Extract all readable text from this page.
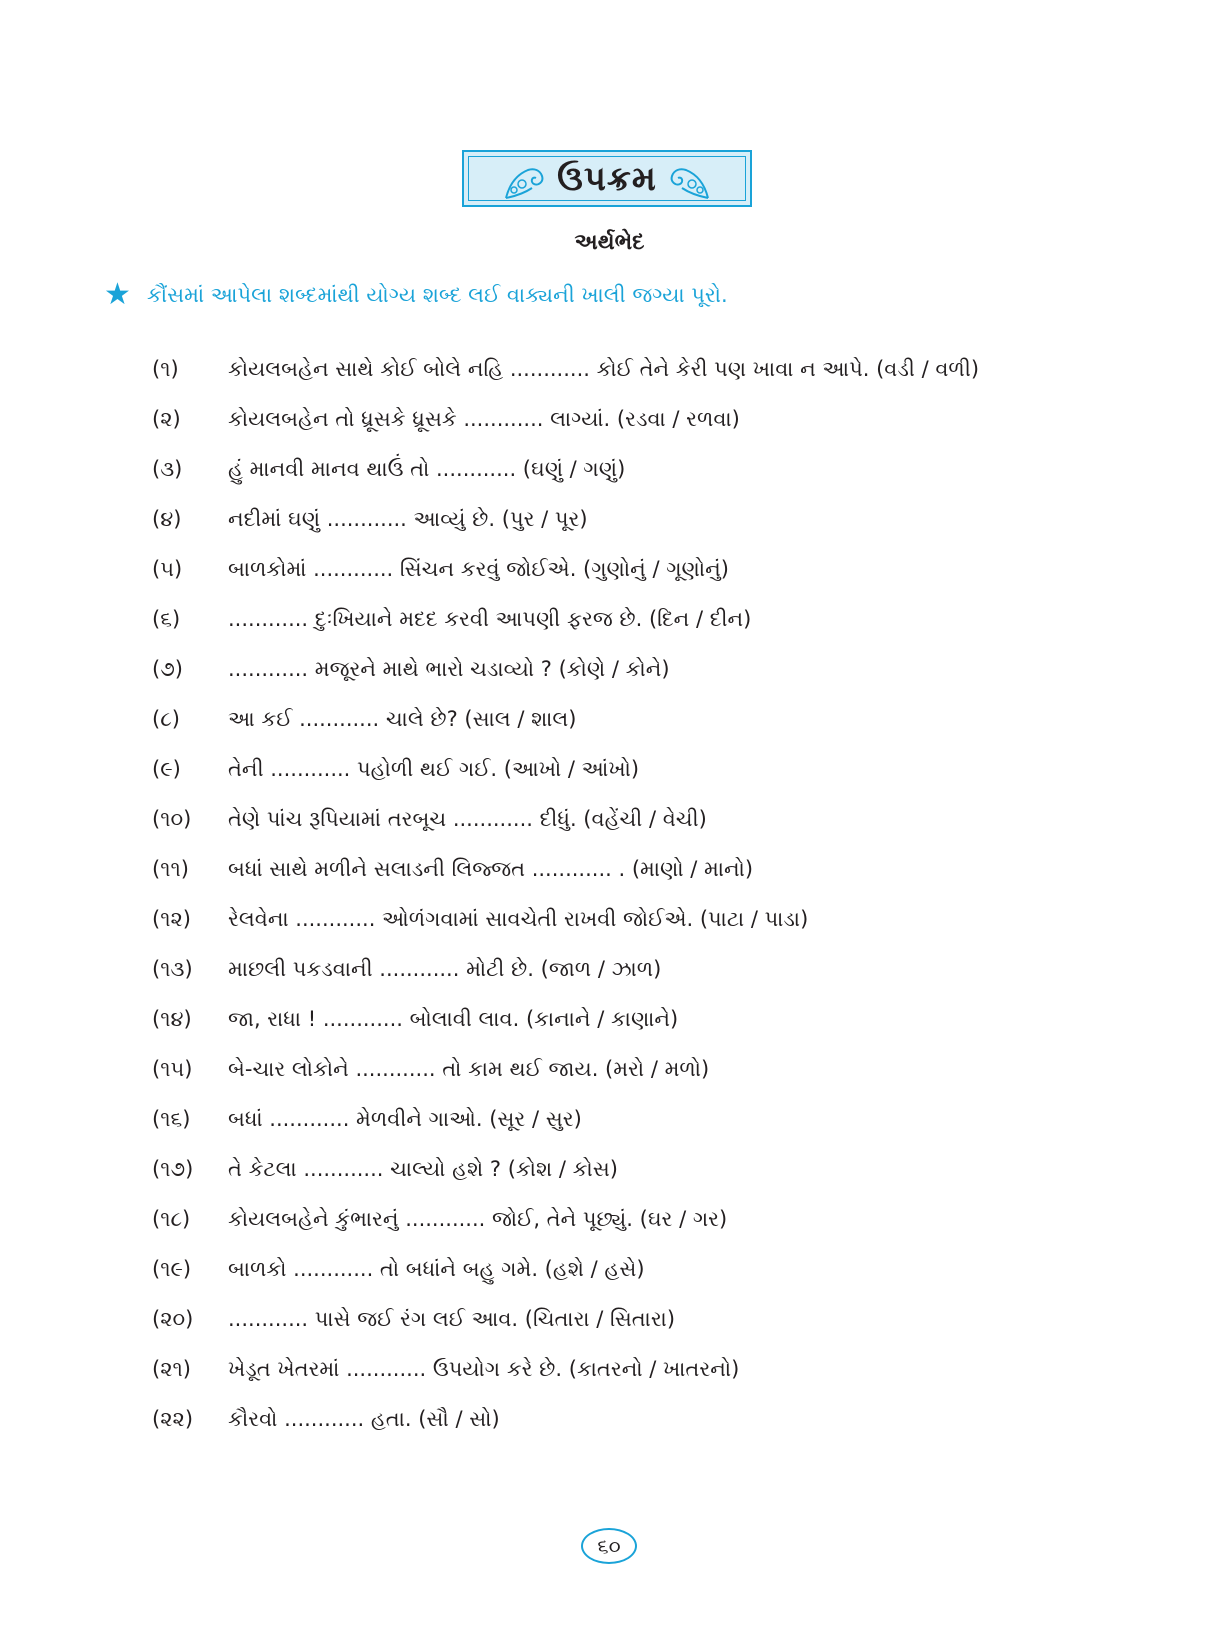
ઉપક્રમ
અર્થભેદ
★ કૌંસમાં આપેલા શબ્દમાંથી યોગ્ય શબ્દ લઈ વાક્યની ખાલી જગ્યા પૂરો.
(૧)	કોયલબહેન સાથે કોઈ બોલે નહિ ............ કોઈ તેને કેરી પણ ખાવા ન આપે. (વડી / વળી)
(૨)	કોયલબહેન તો ધ્રૂસકે ધ્રૂસકે ............ લાગ્યાં. (રડવા / રળવા)
(૩)	હું માનવી માનવ થાઉં તો ............ (ઘણું / ગણું)
(૪)	નદીમાં ઘણું ............ આવ્યું છે. (પુર / પૂર)
(૫)	બાળકોમાં ............ સિંચન કરવું જોઈએ. (ગુણોનું / ગૂણોનું)
(૬)	............ દુઃખિયાને મદદ કરવી આપણી ફરજ છે. (દિન / દીન)
(૭)	............ મજૂરને માથે ભારો ચડાવ્યો ? (કોણે / કોને)
(૮)	આ કઈ ............ ચાલે છે? (સાલ / શાલ)
(૯)	તેની ............ પહોળી થઈ ગઈ. (આખો / આંખો)
(૧૦)	તેણે પાંચ રૂપિયામાં તરબૂચ ............ દીધું. (વહેંચી / વેચી)
(૧૧)	બધાં સાથે મળીને સલાડની લિજ્જત ............ . (માણો / માનો)
(૧૨)	રેલવેના ............ ઓળંગવામાં સાવચેતી રાખવી જોઈએ. (પાટા / પાડા)
(૧૩)	માછલી પકડવાની ............ મોટી છે. (જાળ / ઝાળ)
(૧૪)	જા, રાધા ! ............ બોલાવી લાવ. (કાનાને / કાણાને)
(૧૫)	બે-ચાર લોકોને ............ તો કામ થઈ જાય. (મરો / મળો)
(૧૬)	બધાં ............ મેળવીને ગાઓ. (સૂર / સુર)
(૧૭)	તે કેટલા ............ ચાલ્યો હશે ? (કોશ / કોસ)
(૧૮)	કોયલબહેને કુંભારનું ............ જોઈ, તેને પૂછ્યું. (ઘર / ગર)
(૧૯)	બાળકો ............ તો બધાંને બહુ ગમે. (હશે / હસે)
(૨૦)	............ પાસે જઈ રંગ લઈ આવ. (ચિતારા / સિતારા)
(૨૧)	ખેડૂત ખેતરમાં ............ ઉપયોગ કરે છે. (કાતરનો / ખાતરનો)
(૨૨)	કૌરવો ............ હતા. (સૌ / સો)
૬૦
